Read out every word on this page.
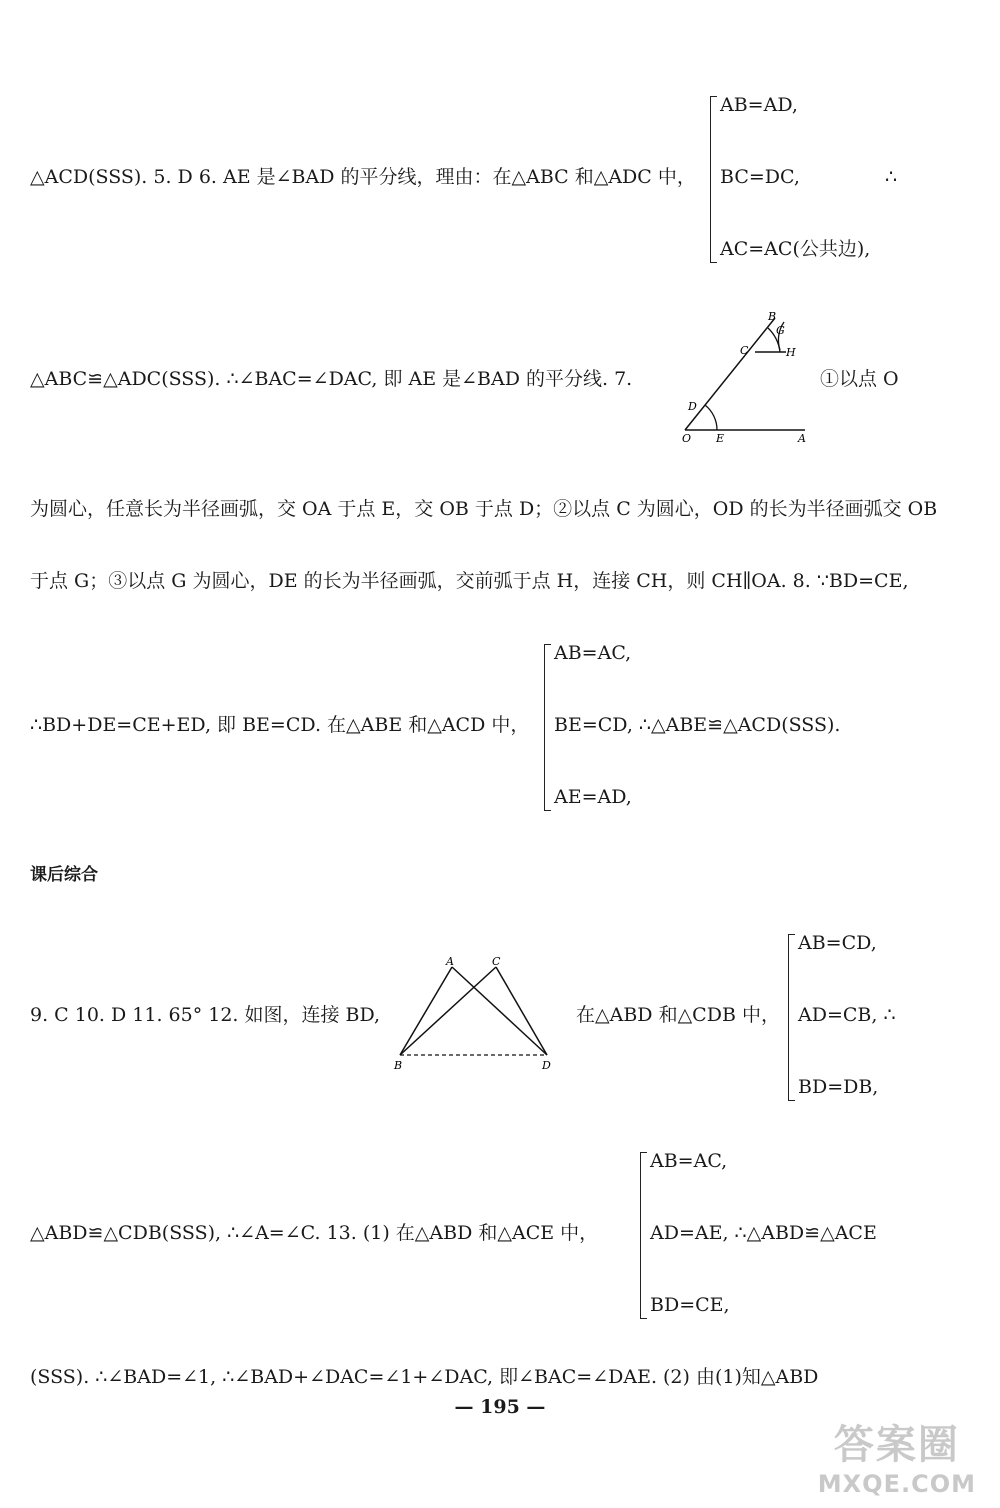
△ACD(SSS). 5. D 6. AE 是∠BAD 的平分线，理由：在△ABC 和△ADC 中，
AB=AD,
BC=DC,
AC=AC(公共边),
∴
△ABC≌△ADC(SSS). ∴∠BAC=∠DAC, 即 AE 是∠BAD 的平分线. 7.
B
G
C	H
D
O E	A
①以点 O
为圆心，任意长为半径画弧，交 OA 于点 E，交 OB 于点 D；②以点 C 为圆心，OD 的长为半径画弧交 OB
于点 G；③以点 G 为圆心，DE 的长为半径画弧，交前弧于点 H，连接 CH，则 CH∥OA. 8. ∵BD=CE,
∴BD+DE=CE+ED, 即 BE=CD. 在△ABE 和△ACD 中，
AB=AC,
BE=CD, ∴△ABE≌△ACD(SSS).
AE=AD,
课后综合
9. C 10. D 11. 65° 12. 如图，连接 BD,
A	C
B	D
在△ABD 和△CDB 中，
AB=CD,
AD=CB, ∴
BD=DB,
△ABD≌△CDB(SSS), ∴∠A=∠C. 13. (1) 在△ABD 和△ACE 中，
AB=AC,
AD=AE, ∴△ABD≌△ACE
BD=CE,
(SSS). ∴∠BAD=∠1, ∴∠BAD+∠DAC=∠1+∠DAC, 即∠BAC=∠DAE. (2) 由(1)知△ABD
— 195 —
答案圈
MXQE.COM
